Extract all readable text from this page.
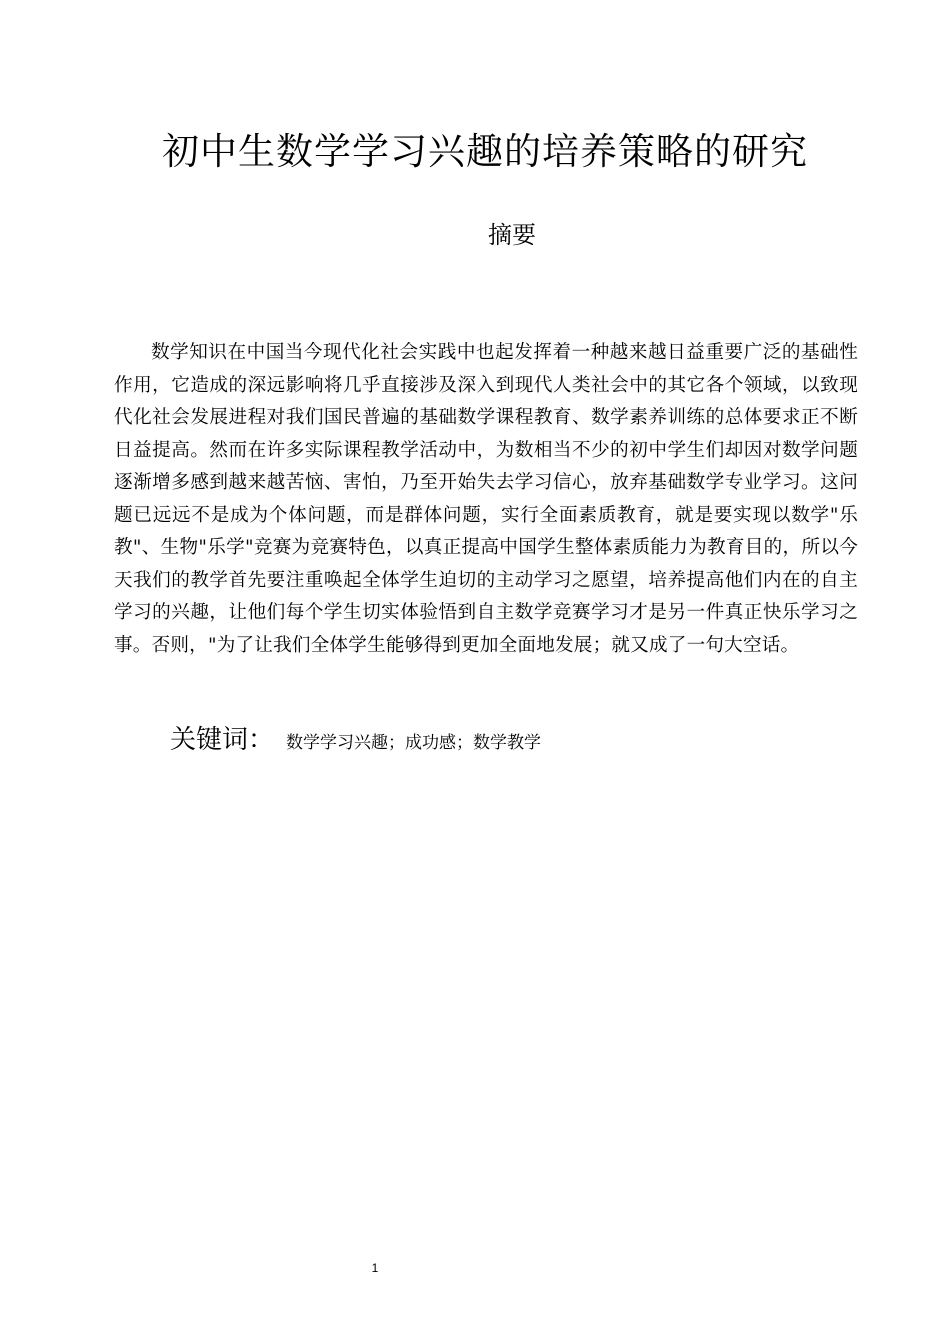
初中生数学学习兴趣的培养策略的研究
摘要

数学知识在中国当今现代化社会实践中也起发挥着一种越来越日益重要广泛的基础性作用，它造成的深远影响将几乎直接涉及深入到现代人类社会中的其它各个领域，以致现代化社会发展进程对我们国民普遍的基础数学课程教育、数学素养训练的总体要求正不断日益提高。然而在许多实际课程教学活动中，为数相当不少的初中学生们却因对数学问题逐渐增多感到越来越苦恼、害怕，乃至开始失去学习信心，放弃基础数学专业学习。这问题已远远不是成为个体问题，而是群体问题，实行全面素质教育，就是要实现以数学"乐教"、生物"乐学"竞赛为竞赛特色，以真正提高中国学生整体素质能力为教育目的，所以今天我们的教学首先要注重唤起全体学生迫切的主动学习之愿望，培养提高他们内在的自主学习的兴趣，让他们每个学生切实体验悟到自主数学竞赛学习才是另一件真正快乐学习之事。否则，"为了让我们全体学生能够得到更加全面地发展；就又成了一句大空话。

关键词： 数学学习兴趣；成功感；数学教学
1
